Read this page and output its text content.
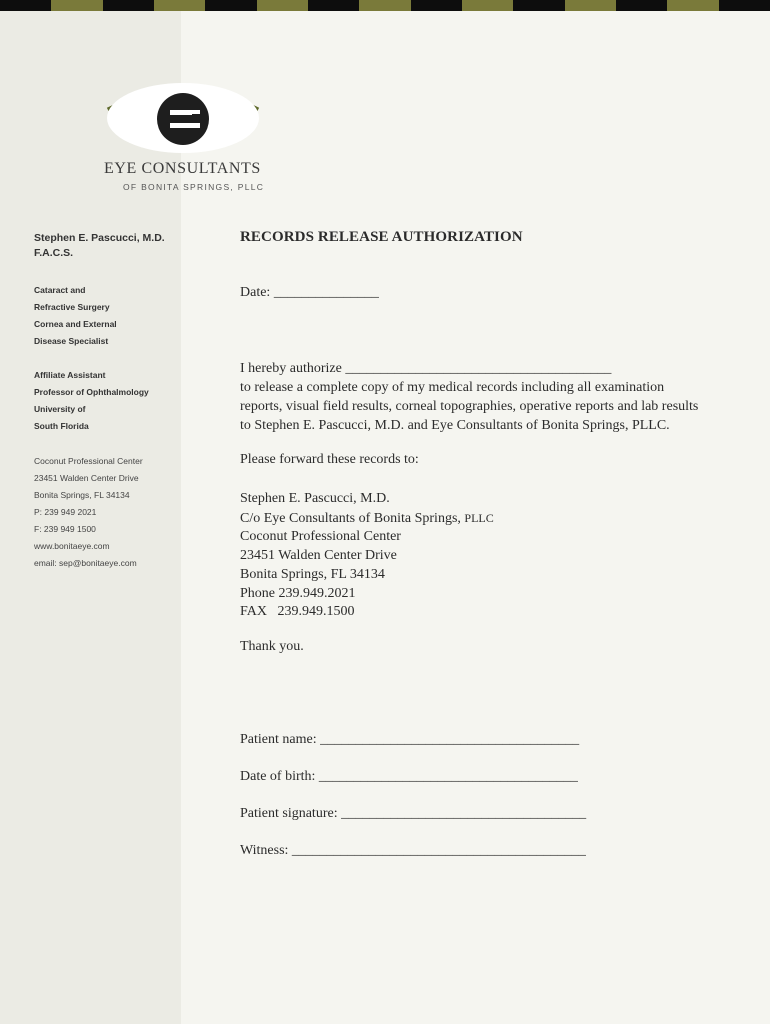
EYE CONSULTANTS
OF BONITA SPRINGS, PLLC
Stephen E. Pascucci, M.D.
F.A.C.S.
Cataract and
Refractive Surgery
Cornea and External
Disease Specialist
Affiliate Assistant
Professor of Ophthalmology
University of
South Florida
Coconut Professional Center
23451 Walden Center Drive
Bonita Springs, FL 34134
P: 239 949 2021
F: 239 949 1500
www.bonitaeye.com
email: sep@bonitaeye.com
RECORDS RELEASE AUTHORIZATION
Date: _______________
I hereby authorize ______________________________________
to release a complete copy of my medical records including all examination
reports, visual field results, corneal topographies, operative reports and lab results
to Stephen E. Pascucci, M.D. and Eye Consultants of Bonita Springs, PLLC.
Please forward these records to:
Stephen E. Pascucci, M.D.
C/o Eye Consultants of Bonita Springs, PLLC
Coconut Professional Center
23451 Walden Center Drive
Bonita Springs, FL 34134
Phone 239.949.2021
FAX   239.949.1500
Thank you.
Patient name: _____________________________________
Date of birth: _____________________________________
Patient signature: ___________________________________
Witness: __________________________________________
